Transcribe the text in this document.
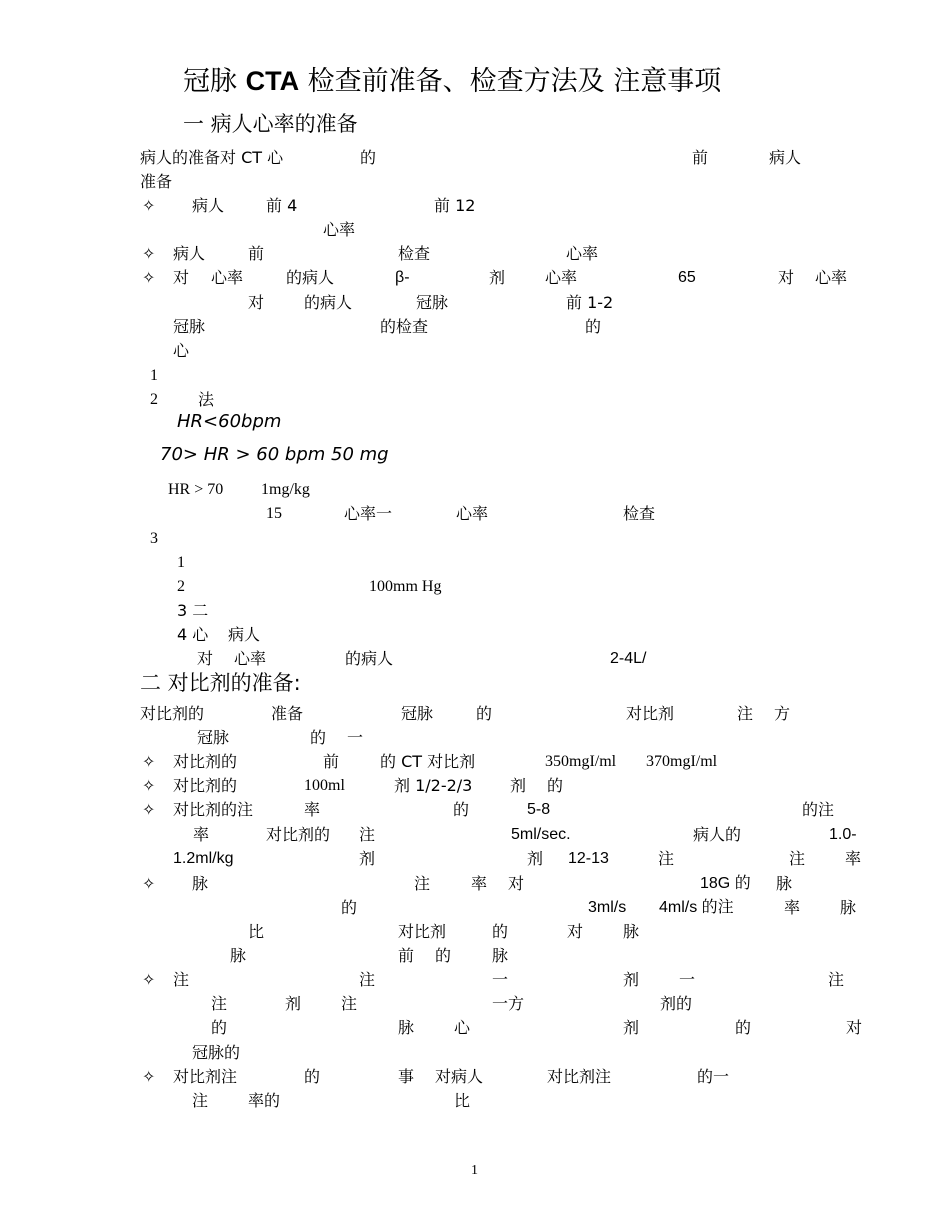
冠脉 CTA 检查前准备、检查方法及 注意事项
一 病人心率的准备
病人的准备对 CT 心	的	前	病人
准备
✧ 病人	前 4	前 12
心率
✧ 病人	前	检查	心率
✧ 对 心率	的病人	β-	剂 心率	65	对 心率
对 的病人	冠脉	前 1-2
冠脉	的检查	的
心
1
2	法
HR<60bpm
70> HR > 60 bpm 50 mg
HR > 70 1mg/kg
15	心率一	心率	检查
3
1
2	100mm Hg
3 二
4 心 病人
对 心率	的病人	2-4L/
二 对比剂的准备:
对比剂的	准备	冠脉	的	对比剂	注 方
冠脉	的 一
✧ 对比剂的	前	的 CT 对比剂	350mgI/ml 370mgI/ml
✧ 对比剂的	100ml	剂 1/2-2/3 剂 的
✧ 对比剂的注	率	的	5-8	的注
率	对比剂的 注	5ml/sec.	病人的	1.0-
1.2ml/kg	剂	剂 12-13	注	注 率
✧ 脉	注	率 对	18G 的 脉
的	3ml/s 4ml/s 的注	率 脉
比	对比剂	的	对 脉
脉	前 的	脉
✧ 注	注	一	剂 一	注
注	剂 注	一方	剂的
的	脉 心	剂	的	对
冠脉的
✧ 对比剂注	的	事 对病人	对比剂注	的一
注 率的	比
1
